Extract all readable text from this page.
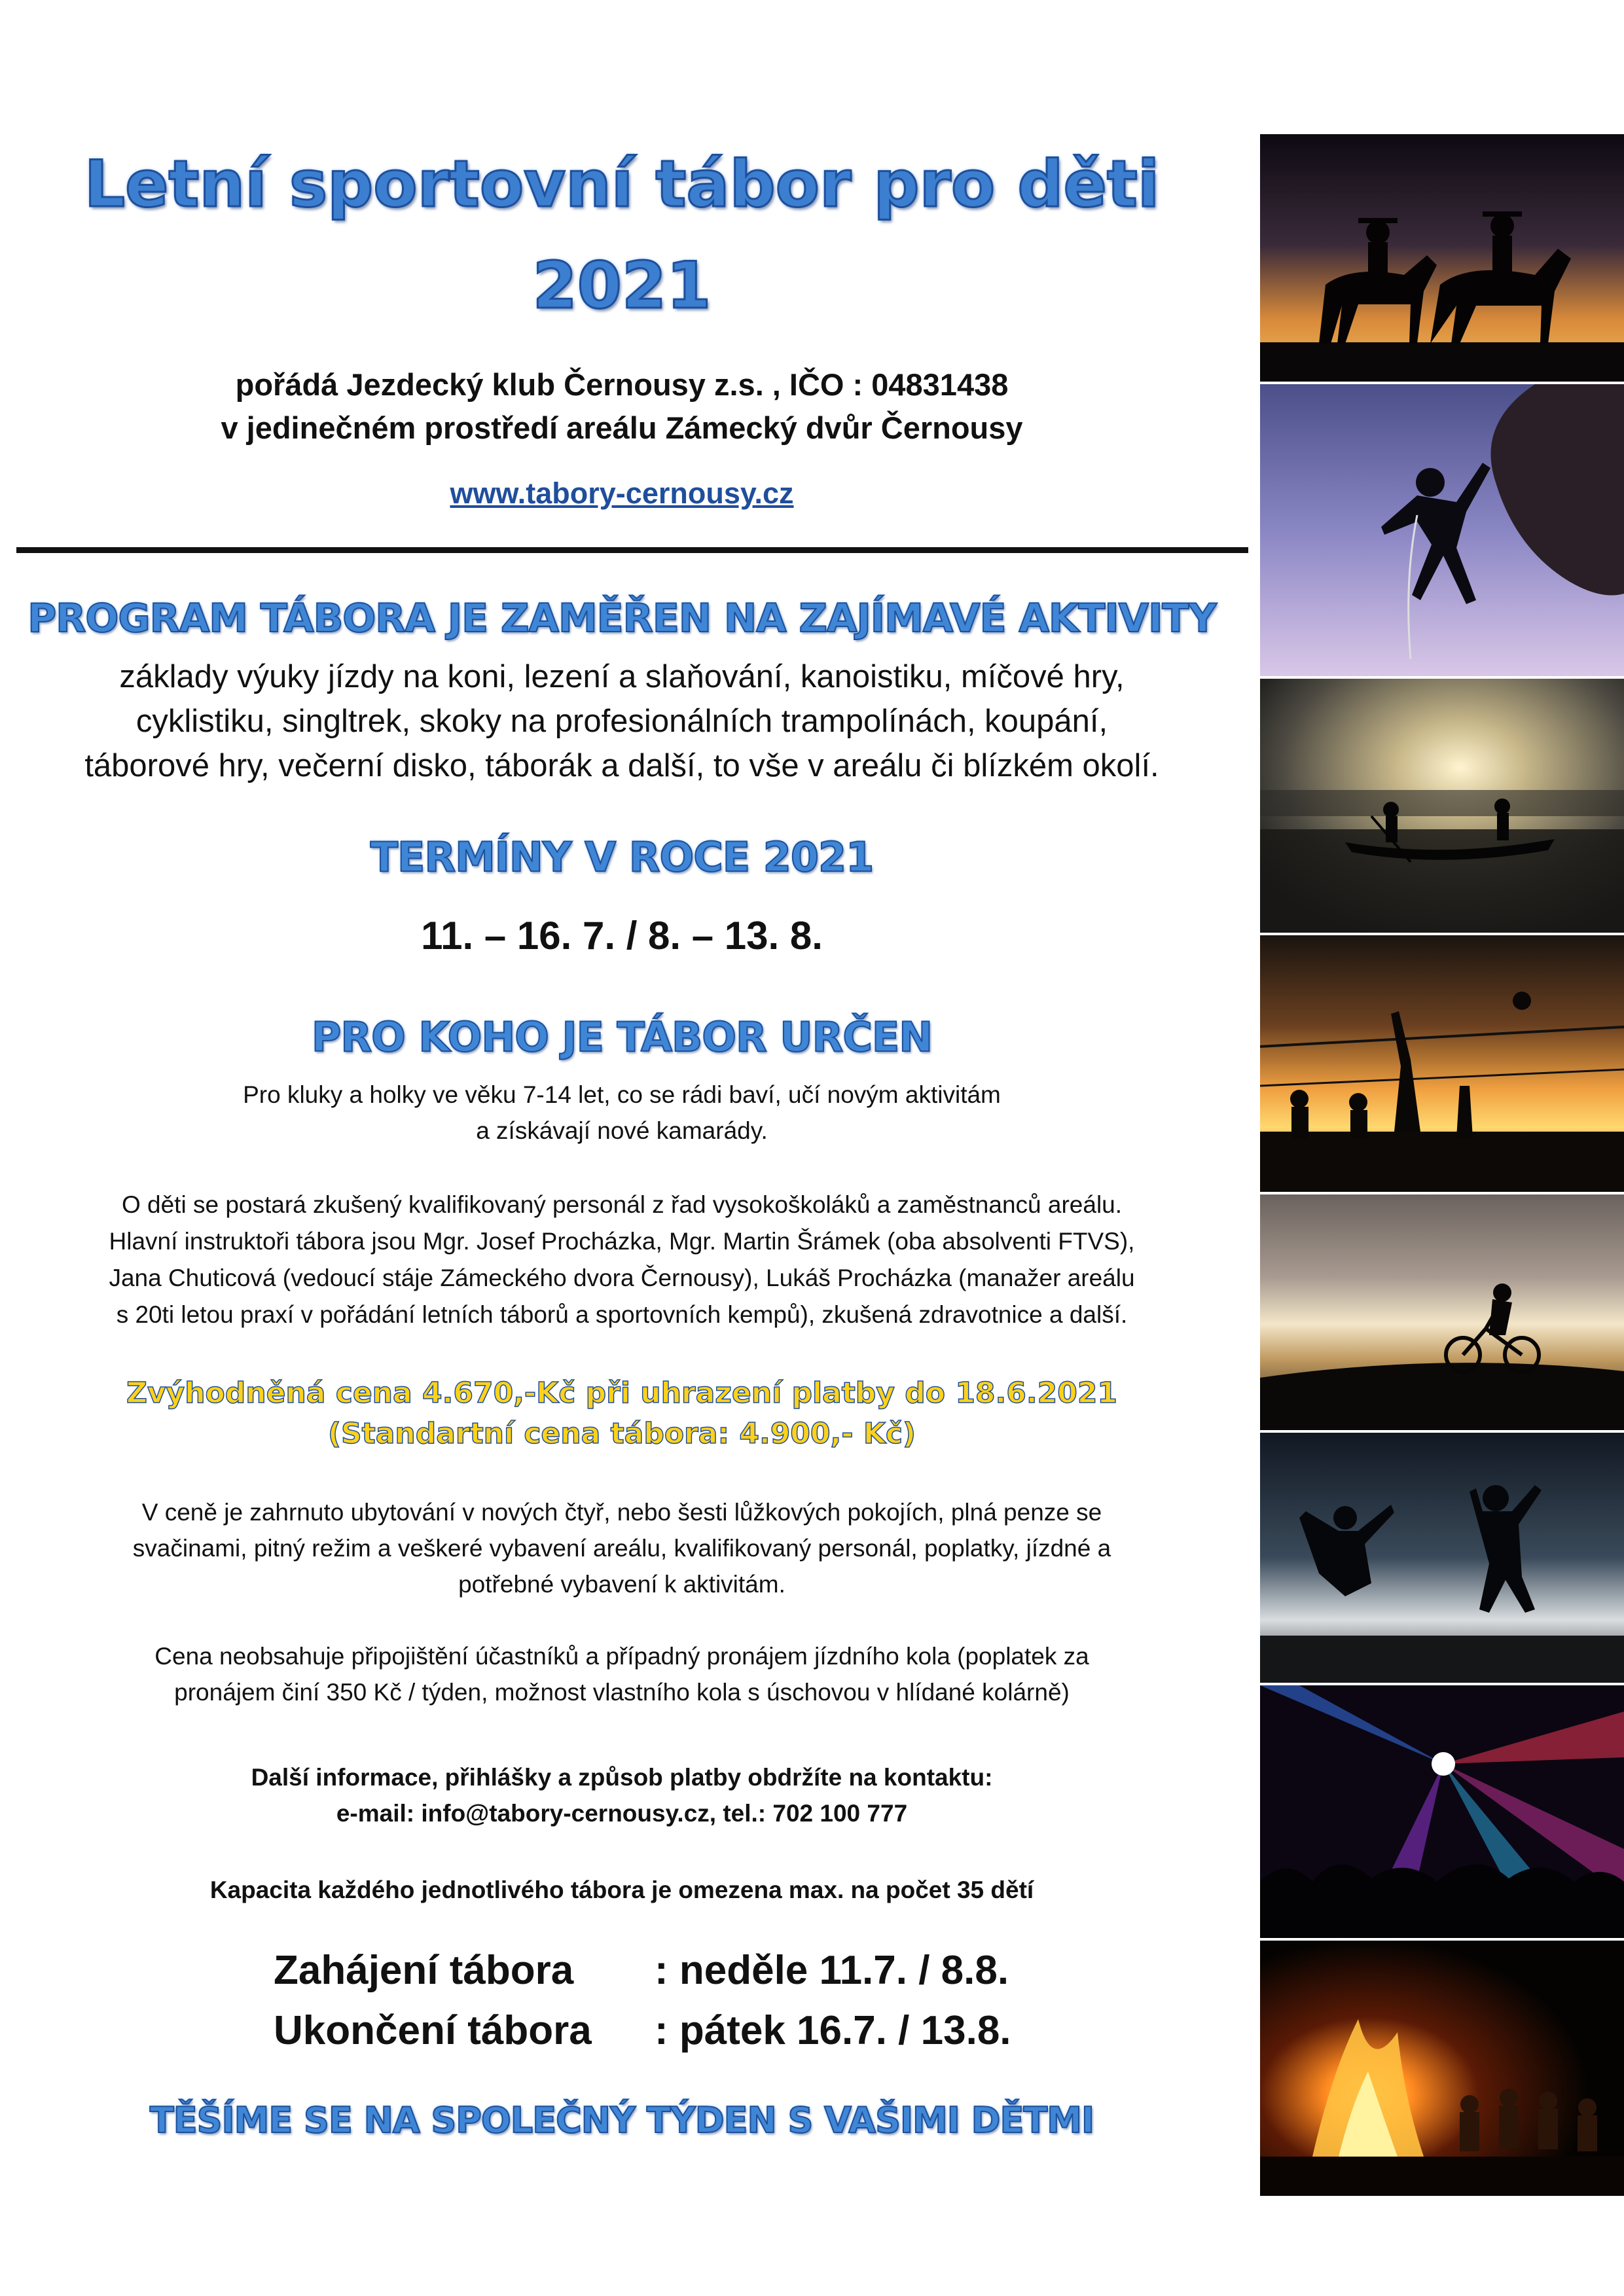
Letní sportovní tábor pro děti
2021
pořádá Jezdecký klub Černousy z.s. , IČO : 04831438
v jedinečném prostředí areálu Zámecký dvůr Černousy
www.tabory-cernousy.cz
PROGRAM TÁBORA JE ZAMĚŘEN NA ZAJÍMAVÉ AKTIVITY
základy výuky jízdy na koni, lezení a slaňování, kanoistiku, míčové hry,
cyklistiku, singltrek, skoky na profesionálních trampolínách, koupání,
táborové hry, večerní disko, táborák a další, to vše v areálu či blízkém okolí.
TERMÍNY V ROCE 2021
11. – 16. 7. / 8. – 13. 8.
PRO KOHO JE TÁBOR URČEN
Pro kluky a holky ve věku 7-14 let, co se rádi baví, učí novým aktivitám
a získávají nové kamarády.
O děti se postará zkušený kvalifikovaný personál z řad vysokoškoláků a zaměstnanců areálu.
Hlavní instruktoři tábora jsou Mgr. Josef Procházka, Mgr. Martin Šrámek (oba absolventi FTVS),
Jana Chuticová (vedoucí stáje Zámeckého dvora Černousy), Lukáš Procházka (manažer areálu
s 20ti letou praxí v pořádání letních táborů a sportovních kempů), zkušená zdravotnice a další.
Zvýhodněná cena 4.670,-Kč při uhrazení platby do 18.6.2021
(Standartní cena tábora: 4.900,- Kč)
V ceně je zahrnuto ubytování v nových čtyř, nebo šesti lůžkových pokojích, plná penze se
svačinami, pitný režim a veškeré vybavení areálu, kvalifikovaný personál, poplatky, jízdné a
potřebné vybavení k aktivitám.
Cena neobsahuje připojištění účastníků a případný pronájem jízdního kola (poplatek za
pronájem činí 350 Kč / týden, možnost vlastního kola s úschovou v hlídané kolárně)
Další informace, přihlášky a způsob platby obdržíte na kontaktu:
e-mail: info@tabory-cernousy.cz, tel.: 702 100 777
Kapacita každého jednotlivého tábora je omezena max. na počet 35 dětí
Zahájení tábora : neděle 11.7. / 8.8.
Ukončení tábora : pátek 16.7. / 13.8.
TĚŠÍME SE NA SPOLEČNÝ TÝDEN S VAŠIMI DĚTMI
